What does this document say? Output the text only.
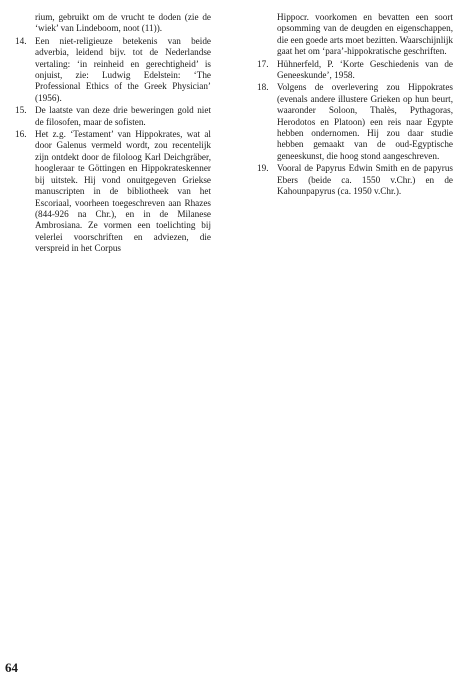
rium, gebruikt om de vrucht te doden (zie de ‘wiek’ van Lindeboom, noot (11)).

14. Een niet-religieuze betekenis van beide adverbia, leidend bijv. tot de Nederlandse vertaling: ‘in reinheid en gerechtigheid’ is onjuist, zie: Ludwig Edelstein: ‘The Professional Ethics of the Greek Physician’ (1956).
15. De laatste van deze drie beweringen gold niet de filosofen, maar de sofisten.
16. Het z.g. ‘Testament’ van Hippokrates, wat al door Galenus vermeld wordt, zou recentelijk zijn ontdekt door de filoloog Karl Deichgräber, hoogleraar te Göttingen en Hippokrateskenner bij uitstek. Hij vond onuitgegeven Griekse manuscripten in de bibliotheek van het Escoriaal, voorheen toegeschreven aan Rhazes (844-926 na Chr.), en in de Milanese Ambrosiana. Ze vormen een toelichting bij velerlei voorschriften en adviezen, die verspreid in het Corpus

Hippocr. voorkomen en bevatten een soort opsomming van de deugden en eigenschappen, die een goede arts moet bezitten. Waarschijnlijk gaat het om ‘para’-hippokratische geschriften.

17. Hühnerfeld, P. ‘Korte Geschiedenis van de Geneeskunde’, 1958.
18. Volgens de overlevering zou Hippokrates (evenals andere illustere Grieken op hun beurt, waaronder Soloon, Thalès, Pythagoras, Herodotos en Platoon) een reis naar Egypte hebben ondernomen. Hij zou daar studie hebben gemaakt van de oud-Egyptische geneeskunst, die hoog stond aangeschreven.
19. Vooral de Papyrus Edwin Smith en de papyrus Ebers (beide ca. 1550 v.Chr.) en de Kahounpapyrus (ca. 1950 v.Chr.).
64
